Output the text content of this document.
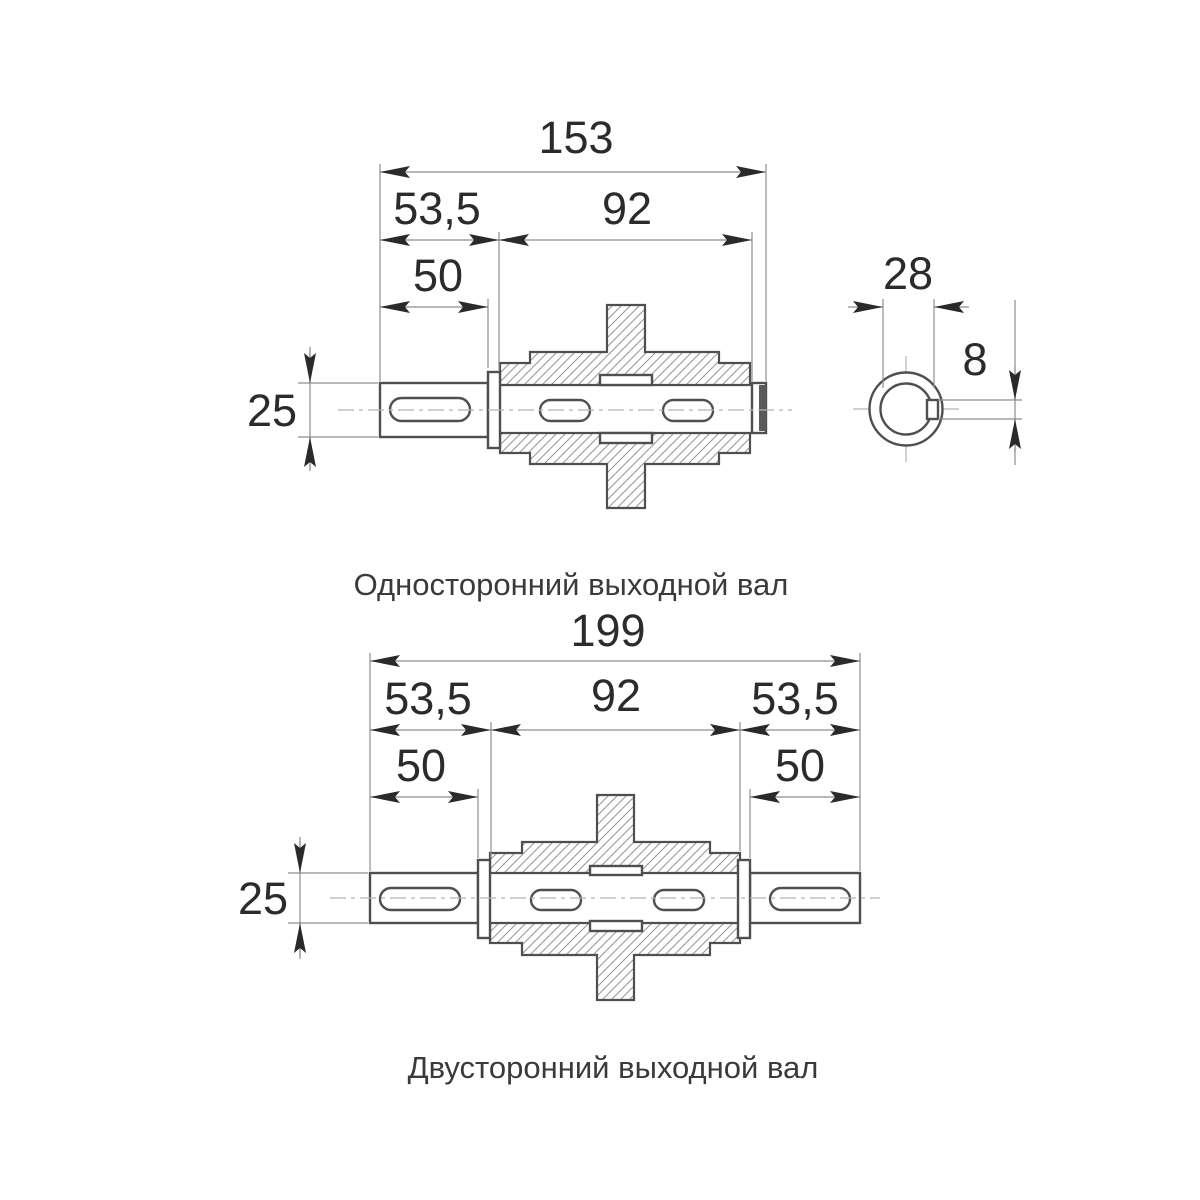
153
53,5	92
50
25
Односторонний выходной вал
28
8
199
53,5	92 53,5
50	50
25
Двусторонний выходной вал
